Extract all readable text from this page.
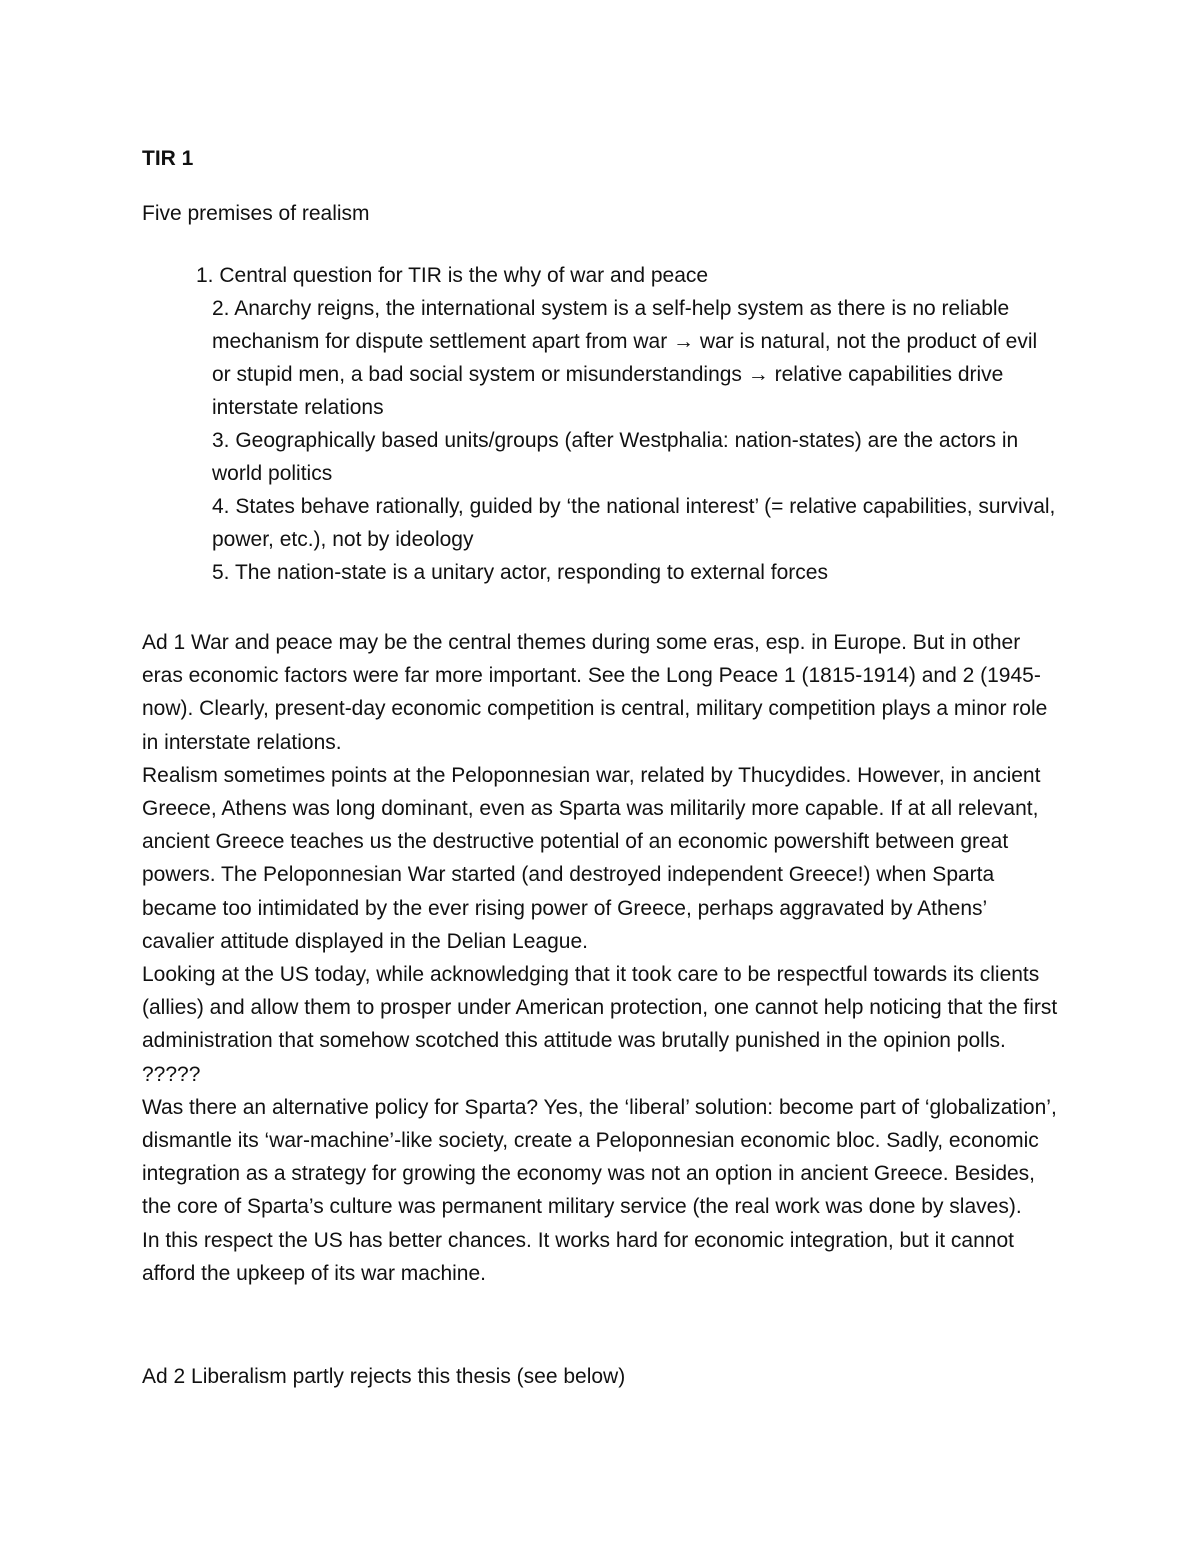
TIR 1

Five premises of realism

1. Central question for TIR is the why of war and peace
2. Anarchy reigns, the international system is a self-help system as there is no reliable mechanism for dispute settlement apart from war → war is natural, not the product of evil or stupid men, a bad social system or misunderstandings → relative capabilities drive interstate relations
3. Geographically based units/groups (after Westphalia: nation-states) are the actors in world politics
4. States behave rationally, guided by ‘the national interest’ (= relative capabilities, survival, power, etc.), not by ideology
5. The nation-state is a unitary actor, responding to external forces

Ad 1 War and peace may be the central themes during some eras, esp. in Europe. But in other eras economic factors were far more important. See the Long Peace 1 (1815-1914) and 2 (1945-now). Clearly, present-day economic competition is central, military competition plays a minor role in interstate relations.

Realism sometimes points at the Peloponnesian war, related by Thucydides. However, in ancient Greece, Athens was long dominant, even as Sparta was militarily more capable. If at all relevant, ancient Greece teaches us the destructive potential of an economic powershift between great powers. The Peloponnesian War started (and destroyed independent Greece!) when Sparta became too intimidated by the ever rising power of Greece, perhaps aggravated by Athens’ cavalier attitude displayed in the Delian League.

Looking at the US today, while acknowledging that it took care to be respectful towards its clients (allies) and allow them to prosper under American protection, one cannot help noticing that the first administration that somehow scotched this attitude was brutally punished in the opinion polls. ?????

Was there an alternative policy for Sparta? Yes, the ‘liberal’ solution: become part of ‘globalization’, dismantle its ‘war-machine’-like society, create a Peloponnesian economic bloc. Sadly, economic integration as a strategy for growing the economy was not an option in ancient Greece. Besides, the core of Sparta’s culture was permanent military service (the real work was done by slaves).

In this respect the US has better chances. It works hard for economic integration, but it cannot afford the upkeep of its war machine.

Ad 2 Liberalism partly rejects this thesis (see below)
